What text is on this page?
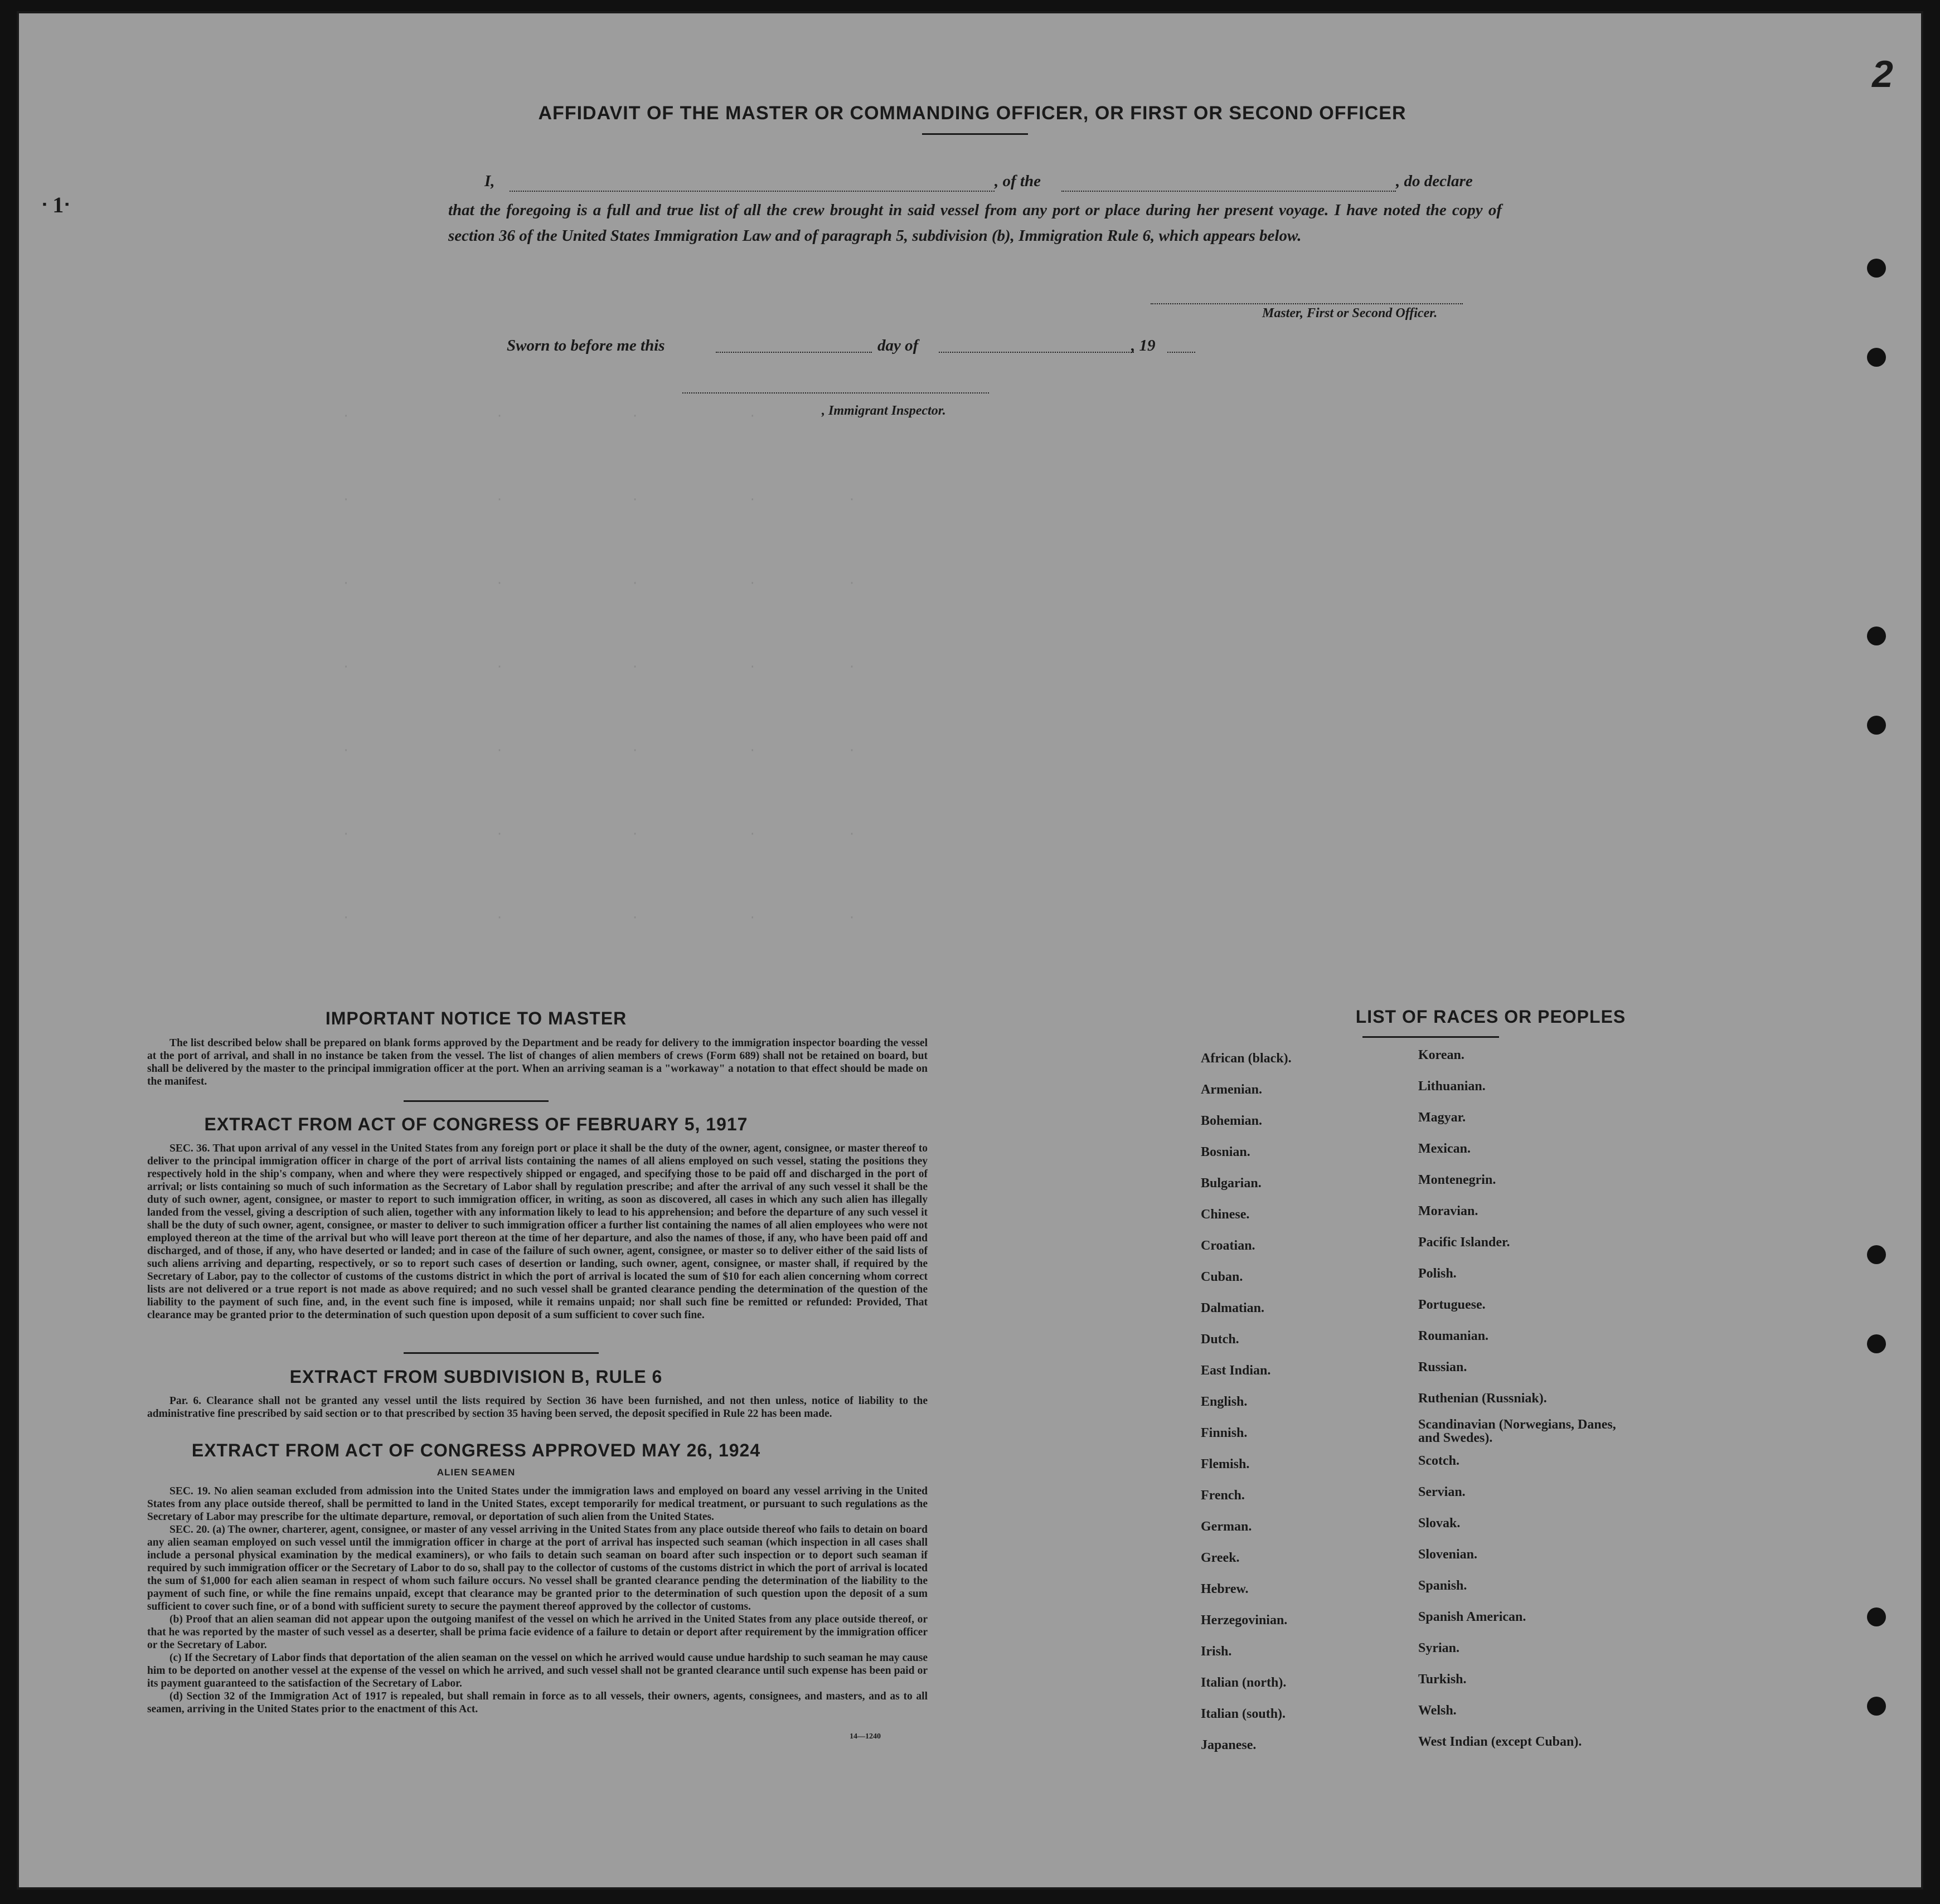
2
ᐧ 1ᐧ
·                ·              ·            ·          ·
·                ·              ·            ·          ·
·                ·              ·            ·          ·
·                ·              ·            ·          ·
·                ·              ·            ·          ·
·                ·              ·            ·          ·
·                ·              ·            ·          ·
AFFIDAVIT OF THE MASTER OR COMMANDING OFFICER, OR FIRST OR SECOND OFFICER
I,	, of the	, do declare
that the foregoing is a full and true list of all the crew brought in said vessel from any port or place during her present voyage. I have noted the copy of section 36 of the United States Immigration Law and of paragraph 5, subdivision (b), Immigration Rule 6, which appears below.
Master, First or Second Officer.
Sworn to before me this	day of	, 19
, Immigrant Inspector.
IMPORTANT NOTICE TO MASTER

The list described below shall be prepared on blank forms approved by the Department and be ready for delivery to the immigration inspector boarding the vessel at the port of arrival, and shall in no instance be taken from the vessel. The list of changes of alien members of crews (Form 689) shall not be retained on board, but shall be delivered by the master to the principal immigration officer at the port. When an arriving seaman is a "workaway" a notation to that effect should be made on the manifest.

EXTRACT FROM ACT OF CONGRESS OF FEBRUARY 5, 1917

SEC. 36. That upon arrival of any vessel in the United States from any foreign port or place it shall be the duty of the owner, agent, consignee, or master thereof to deliver to the principal immigration officer in charge of the port of arrival lists containing the names of all aliens employed on such vessel, stating the positions they respectively hold in the ship's company, when and where they were respectively shipped or engaged, and specifying those to be paid off and discharged in the port of arrival; or lists containing so much of such information as the Secretary of Labor shall by regulation prescribe; and after the arrival of any such vessel it shall be the duty of such owner, agent, consignee, or master to report to such immigration officer, in writing, as soon as discovered, all cases in which any such alien has illegally landed from the vessel, giving a description of such alien, together with any information likely to lead to his apprehension; and before the departure of any such vessel it shall be the duty of such owner, agent, consignee, or master to deliver to such immigration officer a further list containing the names of all alien employees who were not employed thereon at the time of the arrival but who will leave port thereon at the time of her departure, and also the names of those, if any, who have been paid off and discharged, and of those, if any, who have deserted or landed; and in case of the failure of such owner, agent, consignee, or master so to deliver either of the said lists of such aliens arriving and departing, respectively, or so to report such cases of desertion or landing, such owner, agent, consignee, or master shall, if required by the Secretary of Labor, pay to the collector of customs of the customs district in which the port of arrival is located the sum of $10 for each alien concerning whom correct lists are not delivered or a true report is not made as above required; and no such vessel shall be granted clearance pending the determination of the question of the liability to the payment of such fine, and, in the event such fine is imposed, while it remains unpaid; nor shall such fine be remitted or refunded: Provided, That clearance may be granted prior to the determination of such question upon deposit of a sum sufficient to cover such fine.

EXTRACT FROM SUBDIVISION B, RULE 6

Par. 6. Clearance shall not be granted any vessel until the lists required by Section 36 have been furnished, and not then unless, notice of liability to the administrative fine prescribed by said section or to that prescribed by section 35 having been served, the deposit specified in Rule 22 has been made.

EXTRACT FROM ACT OF CONGRESS APPROVED MAY 26, 1924
ALIEN SEAMEN

SEC. 19. No alien seaman excluded from admission into the United States under the immigration laws and employed on board any vessel arriving in the United States from any place outside thereof, shall be permitted to land in the United States, except temporarily for medical treatment, or pursuant to such regulations as the Secretary of Labor may prescribe for the ultimate departure, removal, or deportation of such alien from the United States.

SEC. 20. (a) The owner, charterer, agent, consignee, or master of any vessel arriving in the United States from any place outside thereof who fails to detain on board any alien seaman employed on such vessel until the immigration officer in charge at the port of arrival has inspected such seaman (which inspection in all cases shall include a personal physical examination by the medical examiners), or who fails to detain such seaman on board after such inspection or to deport such seaman if required by such immigration officer or the Secretary of Labor to do so, shall pay to the collector of customs of the customs district in which the port of arrival is located the sum of $1,000 for each alien seaman in respect of whom such failure occurs. No vessel shall be granted clearance pending the determination of the liability to the payment of such fine, or while the fine remains unpaid, except that clearance may be granted prior to the determination of such question upon the deposit of a sum sufficient to cover such fine, or of a bond with sufficient surety to secure the payment thereof approved by the collector of customs.

(b) Proof that an alien seaman did not appear upon the outgoing manifest of the vessel on which he arrived in the United States from any place outside thereof, or that he was reported by the master of such vessel as a deserter, shall be prima facie evidence of a failure to detain or deport after requirement by the immigration officer or the Secretary of Labor.

(c) If the Secretary of Labor finds that deportation of the alien seaman on the vessel on which he arrived would cause undue hardship to such seaman he may cause him to be deported on another vessel at the expense of the vessel on which he arrived, and such vessel shall not be granted clearance until such expense has been paid or its payment guaranteed to the satisfaction of the Secretary of Labor.

(d) Section 32 of the Immigration Act of 1917 is repealed, but shall remain in force as to all vessels, their owners, agents, consignees, and masters, and as to all seamen, arriving in the United States prior to the enactment of this Act.

14—1240
LIST OF RACES OR PEOPLES
African (black).
Armenian.
Bohemian.
Bosnian.
Bulgarian.
Chinese.
Croatian.
Cuban.
Dalmatian.
Dutch.
East Indian.
English.
Finnish.
Flemish.
French.
German.
Greek.
Hebrew.
Herzegovinian.
Irish.
Italian (north).
Italian (south).
Japanese.
Korean.
Lithuanian.
Magyar.
Mexican.
Montenegrin.
Moravian.
Pacific Islander.
Polish.
Portuguese.
Roumanian.
Russian.
Ruthenian (Russniak).
Scandinavian (Norwegians, Danes, and Swedes).
Scotch.
Servian.
Slovak.
Slovenian.
Spanish.
Spanish American.
Syrian.
Turkish.
Welsh.
West Indian (except Cuban).
